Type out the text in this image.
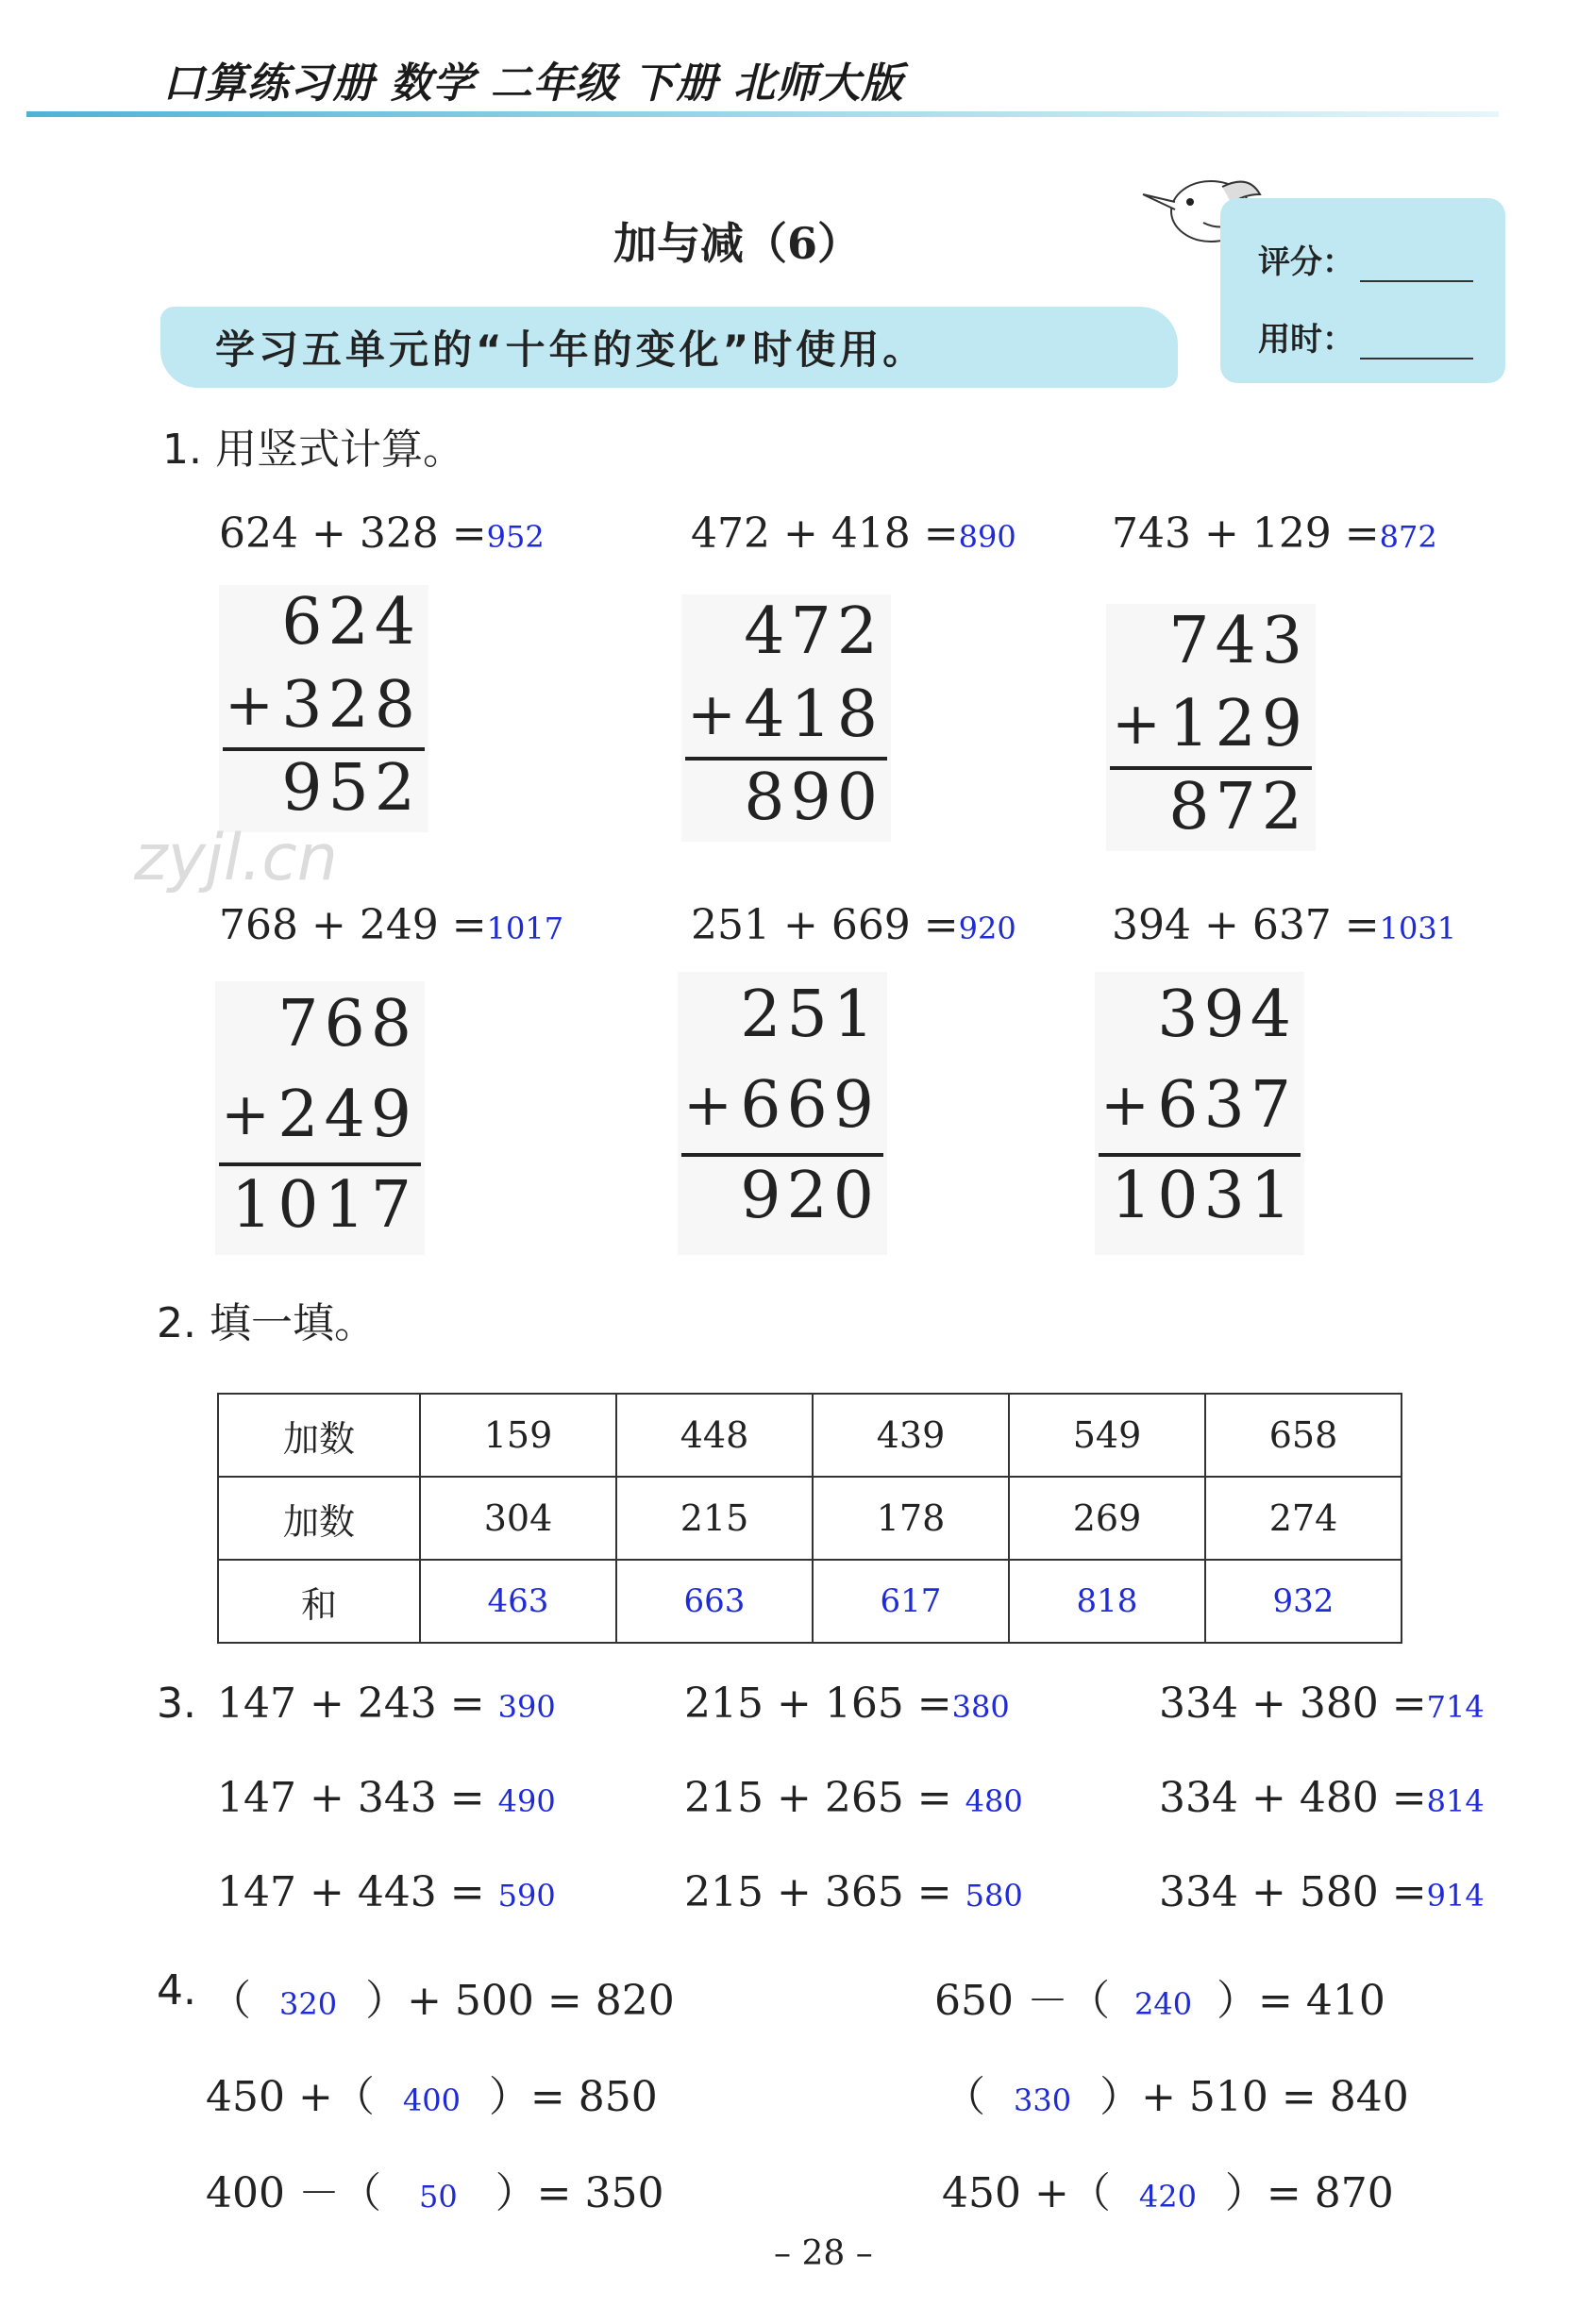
口算练习册 数学 二年级 下册 北师大版
加与减（6）	评分：
用时：
学习五单元的“十年的变化”时使用。
1. 用竖式计算。
624 + 328 =952	472 + 418 =890 743 + 129 =872
624
+ 328
952
472
+ 418
890
743
+ 129
872
zyjl.cn
768 + 249 =1017	251 + 669 =920 394 + 637 =1031
768
+ 249
1017
251
+ 669
920
394
+ 637
1031
2. 填一填。
加数	159	448	439	549	658
加数	304	215	178	269	274
和	463	663	617	818	932
3. 147 + 243 = 390	215 + 165 =380	334 + 380 =714
147 + 343 = 490	215 + 265 = 480	334 + 480 =814
147 + 443 = 590	215 + 365 = 580	334 + 580 =914
4. （ 320 ）+ 500 = 820	650 －（ 240 ）= 410
450 +（ 400 ）= 850	（ 330 ）+ 510 = 840
400 －（ 50 ）= 350	450 +（ 420 ）= 870
– 28 –
